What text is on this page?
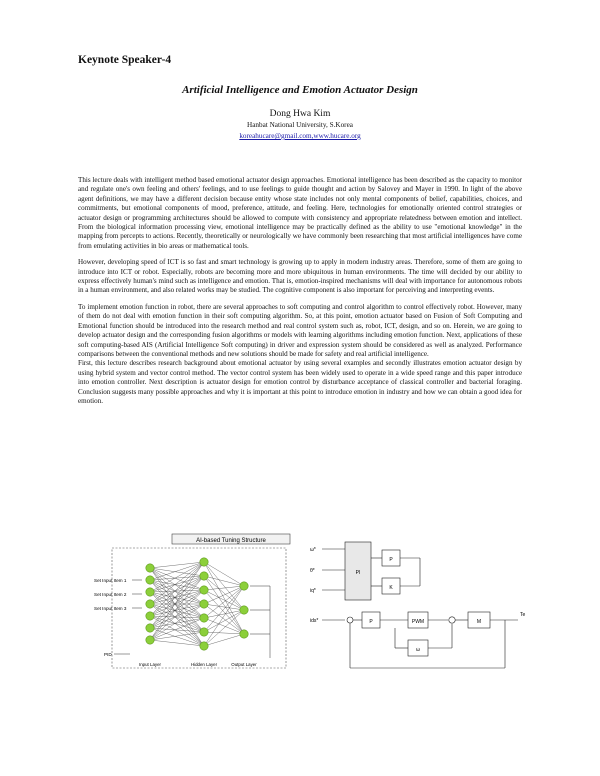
Keynote Speaker-4
Artificial Intelligence and Emotion Actuator Design
Dong Hwa Kim
Hanbat National University, S.Korea
koreahucare@gmail.com,www.hucare.org

This lecture deals with intelligent method based emotional actuator design approaches. Emotional intelligence has been described as the capacity to monitor and regulate one's own feeling and others' feelings, and to use feelings to guide thought and action by Salovey and Mayer in 1990. In light of the above agent definitions, we may have a different decision because entity whose state includes not only mental components of belief, capabilities, choices, and commitments, but emotional components of mood, preference, attitude, and feeling. Here, technologies for emotionally oriented control strategies or actuator design or programming architectures should be allowed to compute with consistency and appropriate relatedness between emotion and intellect. From the biological information processing view, emotional intelligence may be practically defined as the ability to use "emotional knowledge" in the mapping from percepts to actions. Recently, theoretically or neurologically we have commonly been researching that most artificial intelligences have come from emulating activities in bio areas or mathematical tools.

However, developing speed of ICT is so fast and smart technology is growing up to apply in modern industry areas. Therefore, some of them are going to introduce into ICT or robot. Especially, robots are becoming more and more ubiquitous in human environments. The time will decided by our ability to express effectively human's mind such as intelligence and emotion. That is, emotion-inspired mechanisms will deal with importance for autonomous robots in a human environment, and also related works may be studied. The cognitive component is also important for perceiving and interpreting events.

To implement emotion function in robot, there are several approaches to soft computing and control algorithm to control effectively robot. However, many of them do not deal with emotion function in their soft computing algorithm. So, at this point, emotion actuator based on Fusion of Soft Computing and Emotional function should be introduced into the research method and real control system such as, robot, ICT, design, and so on. Herein, we are going to develop actuator design and the corresponding fusion algorithms or models with learning algorithms including emotion function. Next, applications of these soft computing-based AIS (Artificial Intelligence Soft computing) in driver and expression system should be considered as well as analyzed. Performance comparisons between the conventional methods and new solutions should be made for safety and real artificial intelligence.

First, this lecture describes research background about emotional actuator by using several examples and secondly illustrates emotion actuator design by using hybrid system and vector control method. The vector control system has been widely used to operate in a wide speed range and this paper introduce into emotion controller. Next description is actuator design for emotion control by disturbance acceptance of classical controller and bacterial foraging. Conclusion suggests many possible approaches and why it is important at this point to introduce emotion in industry and how we can obtain a good idea for emotion.

AI-based Tuning Structure
Set Input Item 1
Set Input Item 2
Set Input Item 3
PID
Input Layer	Hidden Layer	Output Layer
ω*
θ*
iq*
ids*
PI
P
K
P	PWM	M
Te
ω
